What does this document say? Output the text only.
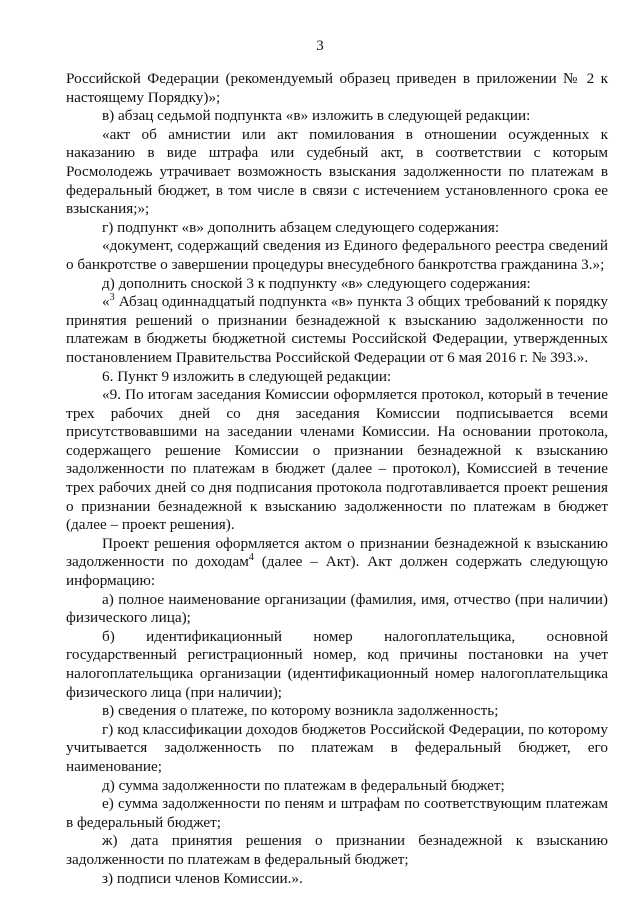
3

Российской Федерации (рекомендуемый образец приведен в приложении № 2 к настоящему Порядку)»;

в) абзац седьмой подпункта «в» изложить в следующей редакции:

«акт об амнистии или акт помилования в отношении осужденных к наказанию в виде штрафа или судебный акт, в соответствии с которым Росмолодежь утрачивает возможность взыскания задолженности по платежам в федеральный бюджет, в том числе в связи с истечением установленного срока ее взыскания;»;

г) подпункт «в» дополнить абзацем следующего содержания:

«документ, содержащий сведения из Единого федерального реестра сведений о банкротстве о завершении процедуры внесудебного банкротства гражданина 3.»;

д) дополнить сноской 3 к подпункту «в» следующего содержания:

«$^3$ Абзац одиннадцатый подпункта «в» пункта 3 общих требований к порядку принятия решений о признании безнадежной к взысканию задолженности по платежам в бюджеты бюджетной системы Российской Федерации, утвержденных постановлением Правительства Российской Федерации от 6 мая 2016 г. № 393.».

6. Пункт 9 изложить в следующей редакции:

«9. По итогам заседания Комиссии оформляется протокол, который в течение трех рабочих дней со дня заседания Комиссии подписывается всеми присутствовавшими на заседании членами Комиссии. На основании протокола, содержащего решение Комиссии о признании безнадежной к взысканию задолженности по платежам в бюджет (далее – протокол), Комиссией в течение трех рабочих дней со дня подписания протокола подготавливается проект решения о признании безнадежной к взысканию задолженности по платежам в бюджет (далее – проект решения).

Проект решения оформляется актом о признании безнадежной к взысканию задолженности по доходам$^4$ (далее – Акт). Акт должен содержать следующую информацию:

а) полное наименование организации (фамилия, имя, отчество (при наличии) физического лица);

б) идентификационный номер налогоплательщика, основной государственный регистрационный номер, код причины постановки на учет налогоплательщика организации (идентификационный номер налогоплательщика физического лица (при наличии);

в) сведения о платеже, по которому возникла задолженность;

г) код классификации доходов бюджетов Российской Федерации, по которому учитывается задолженность по платежам в федеральный бюджет, его наименование;

д) сумма задолженности по платежам в федеральный бюджет;

е) сумма задолженности по пеням и штрафам по соответствующим платежам в федеральный бюджет;

ж) дата принятия решения о признании безнадежной к взысканию задолженности по платежам в федеральный бюджет;

з) подписи членов Комиссии.».
